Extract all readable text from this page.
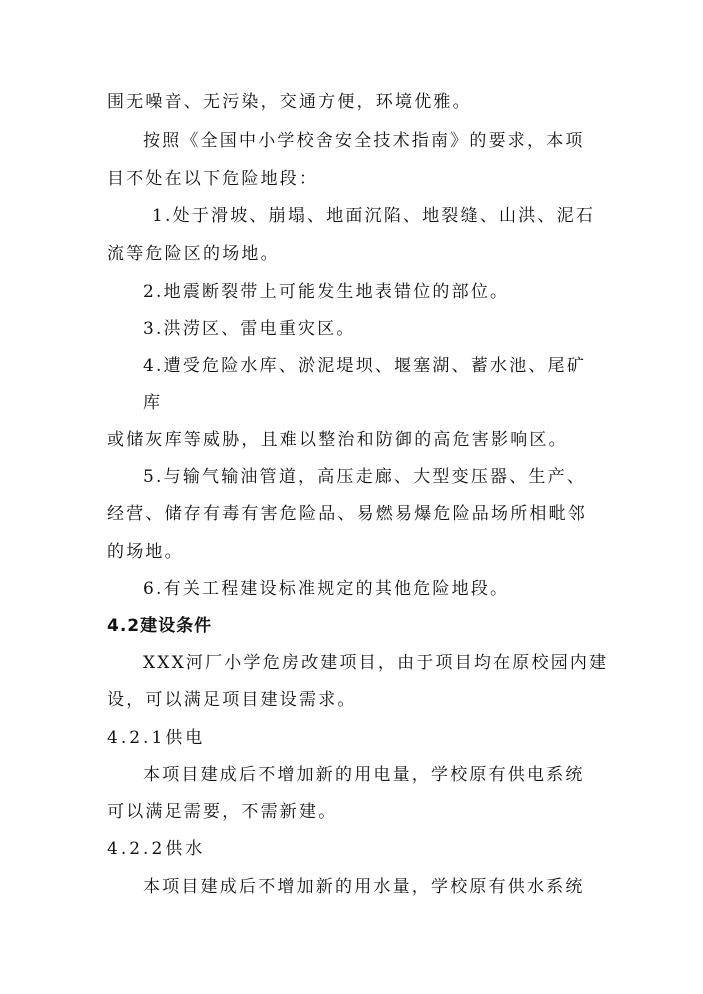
围无噪音、无污染，交通方便，环境优雅。
按照《全国中小学校舍安全技术指南》的要求，本项
目不处在以下危险地段：
1.处于滑坡、崩塌、地面沉陷、地裂缝、山洪、泥石
流等危险区的场地。
2.地震断裂带上可能发生地表错位的部位。
3.洪涝区、雷电重灾区。
4.遭受危险水库、淤泥堤坝、堰塞湖、蓄水池、尾矿
库
或储灰库等威胁，且难以整治和防御的高危害影响区。
5.与输气输油管道，高压走廊、大型变压器、生产、
经营、储存有毒有害危险品、易燃易爆危险品场所相毗邻
的场地。
6.有关工程建设标准规定的其他危险地段。
4.2建设条件
XXX河厂小学危房改建项目，由于项目均在原校园内建
设，可以满足项目建设需求。
4.2.1供电
本项目建成后不增加新的用电量，学校原有供电系统
可以满足需要，不需新建。
4.2.2供水
本项目建成后不增加新的用水量，学校原有供水系统
